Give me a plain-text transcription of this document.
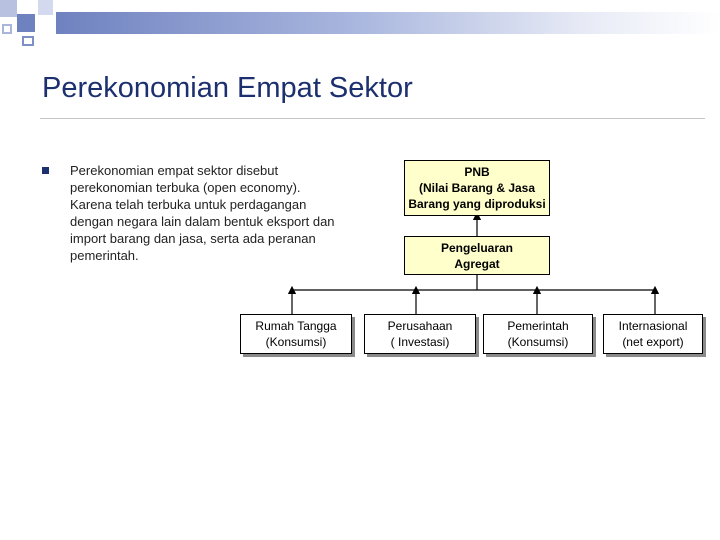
Perekonomian Empat Sektor
Perekonomian empat sektor disebut perekonomian terbuka (open economy). Karena telah terbuka untuk perdagangan dengan negara lain dalam bentuk eksport dan import barang dan jasa, serta ada peranan pemerintah.
PNB
(Nilai Barang & Jasa
Barang yang diproduksi
Pengeluaran
Agregat
Rumah Tangga
(Konsumsi)
Perusahaan
( Investasi)
Pemerintah
(Konsumsi)
Internasional
(net export)
